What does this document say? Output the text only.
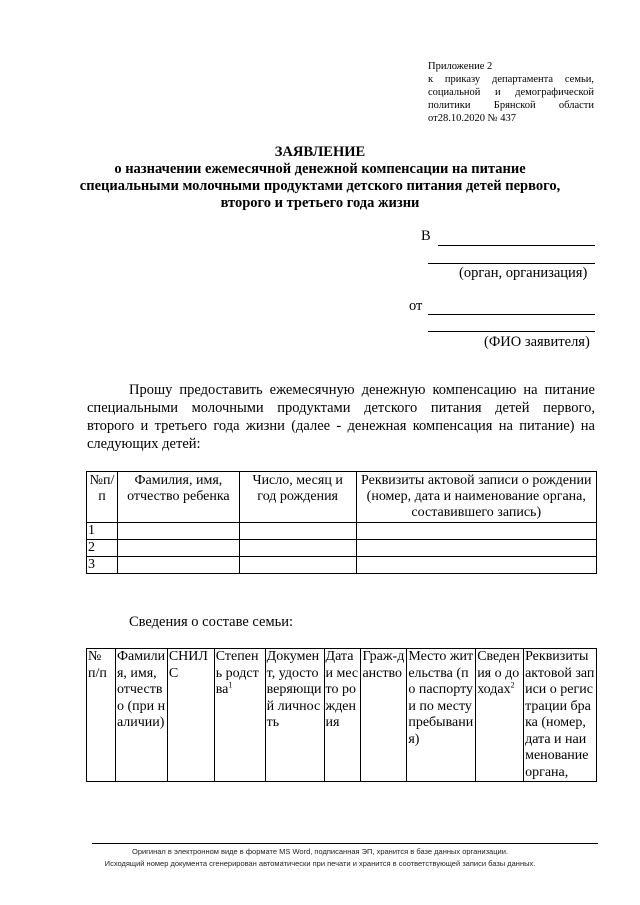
Приложение 2
к приказу департамента семьи,
социальной и демографической
политики Брянской области
от28.10.2020 № 437
ЗАЯВЛЕНИЕ
о назначении ежемесячной денежной компенсации на питание
специальными молочными продуктами детского питания детей первого,
второго и третьего года жизни
В
(орган, организация)
от
(ФИО заявителя)
Прошу предоставить ежемесячную денежную компенсацию на питание
специальными молочными продуктами детского питания детей первого,
второго и третьего года жизни (далее - денежная компенсация на питание) на
следующих детей:
№п/п	Фамилия, имя, отчество ребенка	Число, месяц и год рождения	Реквизиты актовой записи о рождении (номер, дата и наименование органа, составившего запись)
1			
2			
3			
Сведения о составе семьи:
№ п/п	Фамилия, имя, отчество (при наличии)	СНИЛС	Степень родства$^1$	Документ, удостоверяющий личность	Дата и место рождения	Граж-данство	Место жительства (по паспорту и по месту пребывания)	Сведения о доходах$^2$	Реквизиты актовой записи о регистрации брака (номер, дата и наименование органа,
Оригинал в электронном виде в формате MS Word, подписанная ЭП, хранится в базе данных организации.
Исходящий номер документа сгенерирован автоматически при печати и хранится в соответствующей записи базы данных.
